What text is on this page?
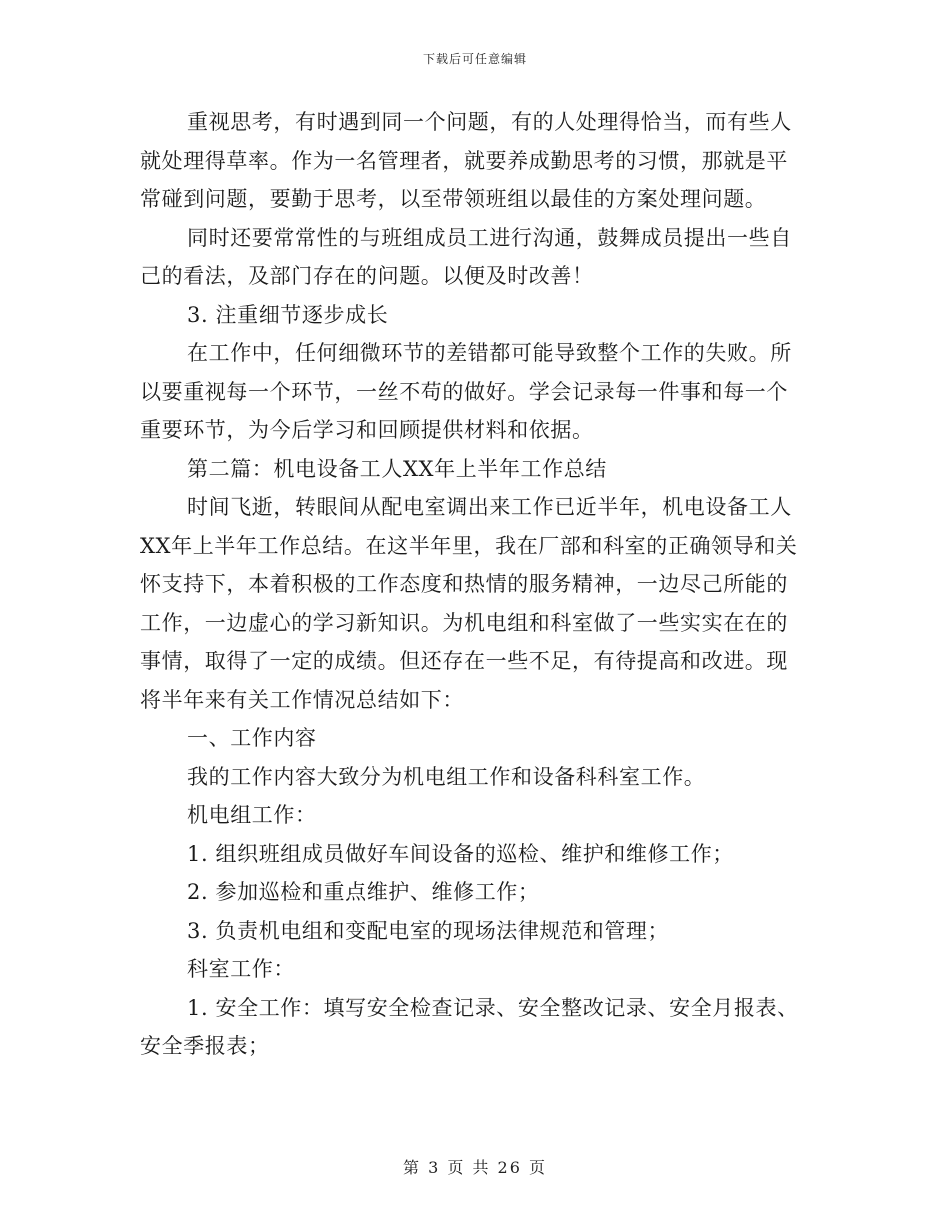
下载后可任意编辑
重视思考，有时遇到同一个问题，有的人处理得恰当，而有些人
就处理得草率。作为一名管理者，就要养成勤思考的习惯，那就是平
常碰到问题，要勤于思考，以至带领班组以最佳的方案处理问题。
同时还要常常性的与班组成员工进行沟通，鼓舞成员提出一些自
己的看法，及部门存在的问题。以便及时改善！
3. 注重细节逐步成长
在工作中，任何细微环节的差错都可能导致整个工作的失败。所
以要重视每一个环节，一丝不苟的做好。学会记录每一件事和每一个
重要环节，为今后学习和回顾提供材料和依据。
第二篇：机电设备工人XX年上半年工作总结
时间飞逝，转眼间从配电室调出来工作已近半年，机电设备工人
XX年上半年工作总结。在这半年里，我在厂部和科室的正确领导和关
怀支持下，本着积极的工作态度和热情的服务精神，一边尽己所能的
工作，一边虚心的学习新知识。为机电组和科室做了一些实实在在的
事情，取得了一定的成绩。但还存在一些不足，有待提高和改进。现
将半年来有关工作情况总结如下：
一、工作内容
我的工作内容大致分为机电组工作和设备科科室工作。
机电组工作：
1. 组织班组成员做好车间设备的巡检、维护和维修工作；
2. 参加巡检和重点维护、维修工作；
3. 负责机电组和变配电室的现场法律规范和管理；
科室工作：
1. 安全工作：填写安全检查记录、安全整改记录、安全月报表、
安全季报表；
第 3 页 共 26 页
